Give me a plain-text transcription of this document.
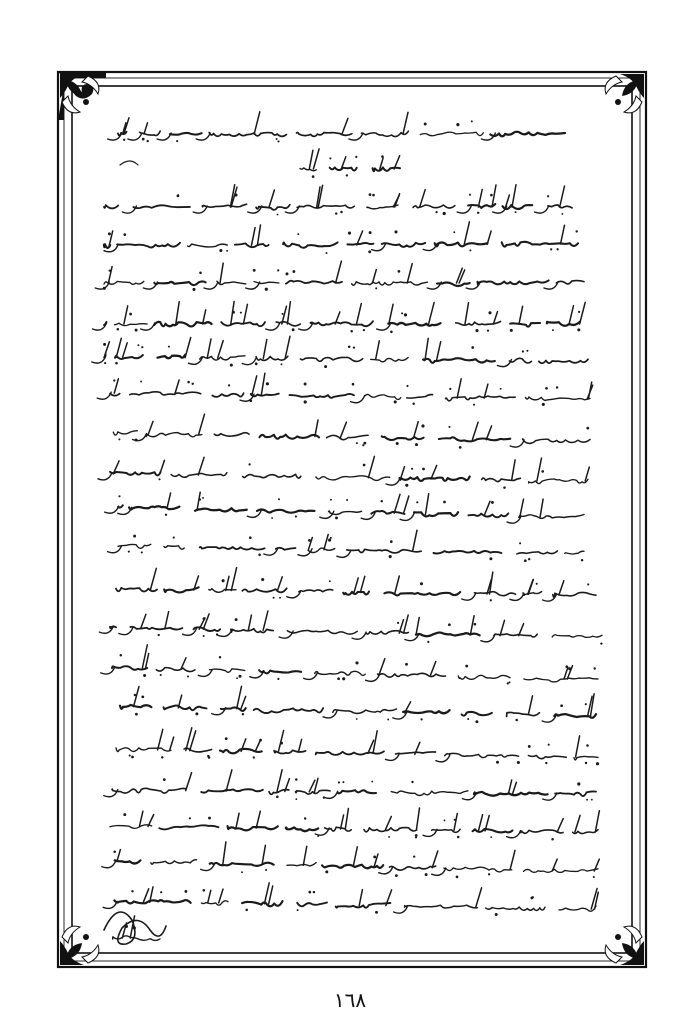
١٦٨
